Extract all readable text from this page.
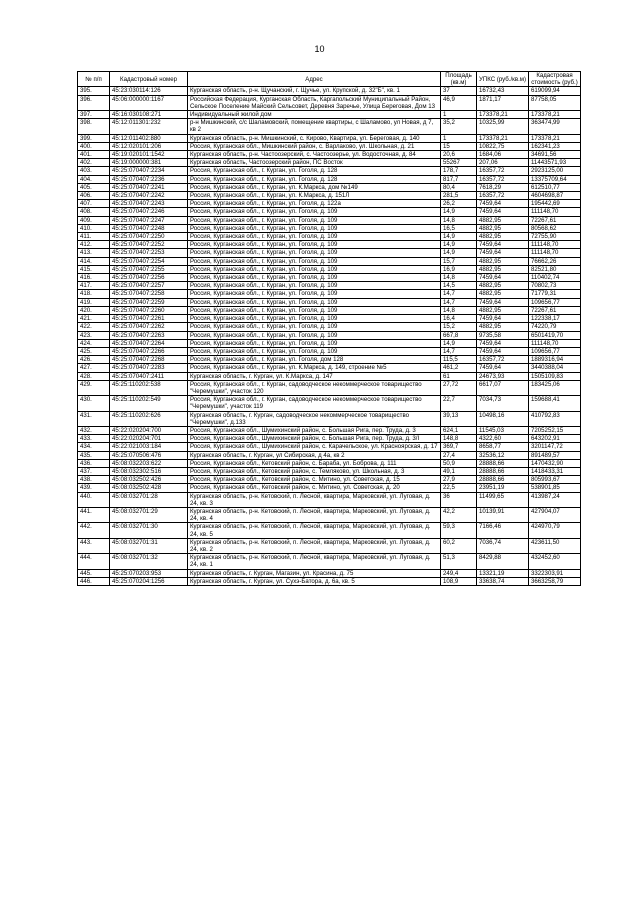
10
№ п/п	Кадастровый номер	Адрес	Площадь (кв.м)	УПКС (руб./кв.м)	Кадастровая стоимость (руб.)
395.	45:23:030114:126	Курганская область, р-н. Щучанский, г. Щучье, ул. Крупской, д. 32"Б", кв. 1	37	16732,43	619099,94
396.	45:06:000000:1167	Российская Федерация, Курганская Область, Каргапольский Муниципальный Район, Сельское Поселение Майский Сельсовет, Деревня Заречье, Улица Береговая, Дом 13	46,9	1871,17	87758,05
397.	45:16:030108:271	Индивидуальный жилой дом	1	173378,21	173378,21
398.	45:12:011301:232	р-н Мишкинский, с/с Шаламовский, помещение квартиры, с Шаламово, ул Новая, д 7, кв 2	35,2	10325,99	363474,99
399.	45:12:011402:880	Курганская область, р-н. Мишкинский, с. Кирово, Квартира, ул. Береговая, д. 140	1	173378,21	173378,21
400.	45:12:020101:206	Россия, Курганская обл., Мишкинский район, с. Варлаково, ул. Школьная, д. 21	15	10822,75	162341,23
401.	45:19:020101:1542	Курганская область, р-н. Частоозерский, с. Частоозерье, ул. Водосточная, д. 84	20,6	1684,06	34691,56
402.	45:19:000000:381	Курганская область, Частоозерский район, ПС Восток	55267	207,06	11443571,93
403.	45:25:070407:2234	Россия, Курганская обл., г. Курган, ул. Гоголя, д. 128	178,7	16357,72	2923125,00
404.	45:25:070407:2236	Россия, Курганская обл., г. Курган, ул. Гоголя, д. 128	817,7	16357,72	13375709,64
405.	45:25:070407:2241	Россия, Курганская обл., г. Курган, ул. К.Маркса, дом №149	80,4	7618,29	612510,77
406.	45:25:070407:2242	Россия, Курганская обл., г. Курган, ул. К.Маркса, д. 151Л	281,5	16357,72	4604698,87
407.	45:25:070407:2243	Россия, Курганская обл., г. Курган, ул. Гоголя, д. 122а	26,2	7459,64	195442,69
408.	45:25:070407:2246	Россия, Курганская обл., г. Курган, ул. Гоголя, д. 109	14,9	7459,64	111148,70
409.	45:25:070407:2247	Россия, Курганская обл., г. Курган, ул. Гоголя, д. 109	14,8	4882,95	72267,61
410.	45:25:070407:2248	Россия, Курганская обл., г. Курган, ул. Гоголя, д. 109	16,5	4882,95	80568,62
411.	45:25:070407:2250	Россия, Курганская обл., г. Курган, ул. Гоголя, д. 109	14,9	4882,95	72755,90
412.	45:25:070407:2252	Россия, Курганская обл., г. Курган, ул. Гоголя, д. 109	14,9	7459,64	111148,70
413.	45:25:070407:2253	Россия, Курганская обл., г. Курган, ул. Гоголя, д. 109	14,9	7459,64	111148,70
414.	45:25:070407:2254	Россия, Курганская обл., г. Курган, ул. Гоголя, д. 109	15,7	4882,95	76662,26
415.	45:25:070407:2255	Россия, Курганская обл., г. Курган, ул. Гоголя, д. 109	16,9	4882,95	82521,80
416.	45:25:070407:2256	Россия, Курганская обл., г. Курган, ул. Гоголя, д. 109	14,8	7459,64	110402,74
417.	45:25:070407:2257	Россия, Курганская обл., г. Курган, ул. Гоголя, д. 109	14,5	4882,95	70802,73
418.	45:25:070407:2258	Россия, Курганская обл., г. Курган, ул. Гоголя, д. 109	14,7	4882,95	71779,31
419.	45:25:070407:2259	Россия, Курганская обл., г. Курган, ул. Гоголя, д. 109	14,7	7459,64	109656,77
420.	45:25:070407:2260	Россия, Курганская обл., г. Курган, ул. Гоголя, д. 109	14,8	4882,95	72267,61
421.	45:25:070407:2261	Россия, Курганская обл., г. Курган, ул. Гоголя, д. 109	16,4	7459,64	122338,17
422.	45:25:070407:2262	Россия, Курганская обл., г. Курган, ул. Гоголя, д. 109	15,2	4882,95	74220,79
423.	45:25:070407:2263	Россия, Курганская обл., г. Курган, ул. Гоголя, д. 109	667,8	9735,58	6501419,70
424.	45:25:070407:2264	Россия, Курганская обл., г. Курган, ул. Гоголя, д. 109	14,9	7459,64	111148,70
425.	45:25:070407:2266	Россия, Курганская обл., г. Курган, ул. Гоголя, д. 109	14,7	7459,64	109656,77
426.	45:25:070407:2268	Россия, Курганская обл., г. Курган, ул. Гоголя, дом 128	115,5	16357,72	1889316,94
427.	45:25:070407:2283	Россия, Курганская обл., г. Курган, ул. К.Маркса, д. 149, строение №5	461,2	7459,64	3440388,04
428.	45:25:070407:2411	Курганская область, г. Курган, ул. К.Маркса, д. 147	61	24673,93	1505109,83
429.	45:25:110202:538	Россия, Курганская обл., г. Курган, садоводческое некоммерческое товарищество "Черемушки", участок 120	27,72	6617,07	183425,06
430.	45:25:110202:549	Россия, Курганская обл., г. Курган, садоводческое некоммерческое товарищество "Черемушки", участок 119	22,7	7034,73	159688,41
431.	45:25:110202:626	Курганская область, г. Курган, садоводческое некоммерческое товарищество "Черемушки", д.133	39,13	10498,16	410792,83
432.	45:22:020204:700	Россия, Курганская обл., Шумихинский район, с. Большая Рига, пер. Труда, д. 3	624,1	11545,03	7205252,15
433.	45:22:020204:701	Россия, Курганская обл., Шумихинский район, с. Большая Рига, пер. Труда, д. 3/I	148,8	4322,60	643202,91
434.	45:22:021003:184	Россия, Курганская обл., Шумихинский район, с. Карачельское, ул. Красноярская, д. 17	369,7	8658,77	3201147,72
435.	45:25:070506:476	Курганская область, г. Курган, ул Сибирская, д 4а, кв 2	27,4	32536,12	891489,57
436.	45:08:032203:622	Россия, Курганская обл., Кетовский район, с. Бараба, ул. Боброва, д. 111	50,9	28888,66	1470432,90
437.	45:08:032302:516	Россия, Курганская обл., Кетовский район, с. Темляково, ул. Школьная, д. 3	49,1	28888,66	1418433,31
438.	45:08:032502:426	Россия, Курганская обл., Кетовский район, с. Митино, ул. Советская, д. 15	27,9	28888,66	805993,67
439.	45:08:032502:428	Россия, Курганская обл., Кетовский район, с. Митино, ул. Советская, д. 20	22,5	23951,19	538901,85
440.	45:08:032701:28	Курганская область, р-н. Кетовский, п. Лесной, квартира, Марковский, ул. Луговая, д. 24, кв. 3	36	11499,65	413987,24
441.	45:08:032701:29	Курганская область, р-н. Кетовский, п. Лесной, квартира, Марковский, ул. Луговая, д. 24, кв. 4	42,2	10139,91	427904,07
442.	45:08:032701:30	Курганская область, р-н. Кетовский, п. Лесной, квартира, Марковский, ул. Луговая, д. 24, кв. 5	59,3	7166,46	424970,79
443.	45:08:032701:31	Курганская область, р-н. Кетовский, п. Лесной, квартира, Марковский, ул. Луговая, д. 24, кв. 2	60,2	7036,74	423611,50
444.	45:08:032701:32	Курганская область, р-н. Кетовский, п. Лесной, квартира, Марковский, ул. Луговая, д. 24, кв. 1	51,3	8429,88	432452,60
445.	45:25:070203:953	Курганская область, г. Курган, Магазин, ул. Красина, д. 75	249,4	13321,19	3322303,91
446.	45:25:070204:1256	Курганская область, г. Курган, ул. Сухэ-Батора, д. 6а, кв. 5	108,9	33638,74	3663258,79
